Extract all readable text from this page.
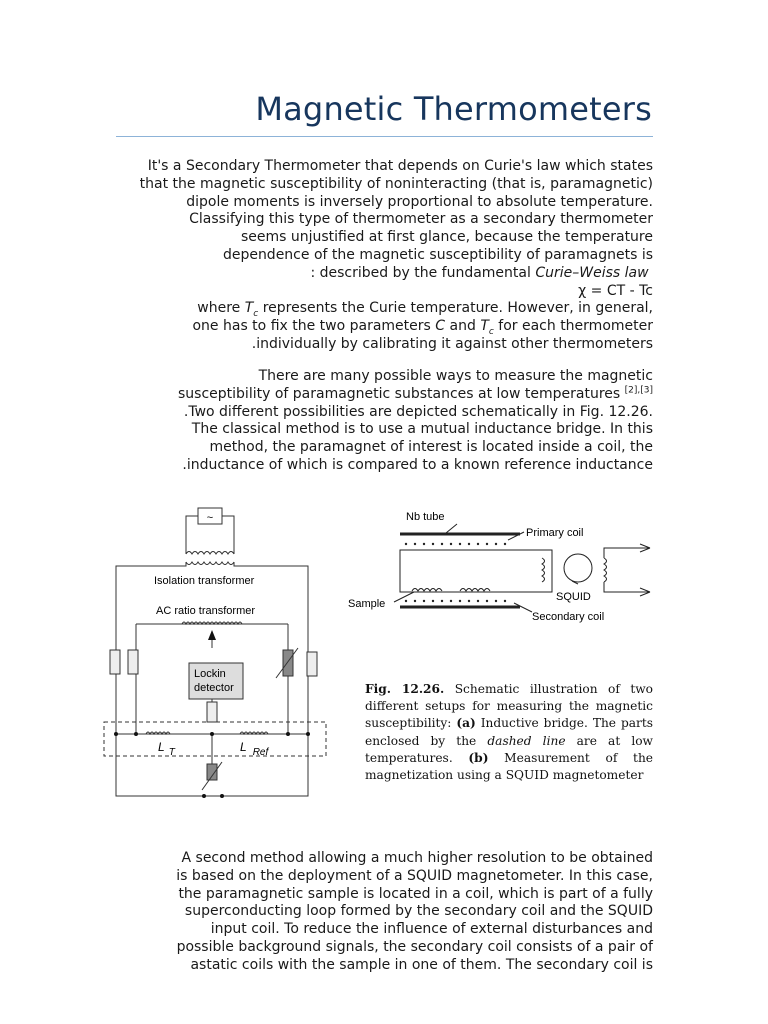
Magnetic Thermometers

It's a Secondary Thermometer that depends on Curie's law which states
that the magnetic susceptibility of noninteracting (that is, paramagnetic)
dipole moments is inversely proportional to absolute temperature.
Classifying this type of thermometer as a secondary thermometer
seems unjustified at first glance, because the temperature
dependence of the magnetic susceptibility of paramagnets is
: described by the fundamental Curie–Weiss law
χ = CT - Tc
where $T_c$ represents the Curie temperature. However, in general,
one has to fix the two parameters C and $T_c$ for each thermometer
.individually by calibrating it against other thermometers

There are many possible ways to measure the magnetic
susceptibility of paramagnetic substances at low temperatures [2],[3]
.Two different possibilities are depicted schematically in Fig. 12.26.
The classical method is to use a mutual inductance bridge. In this
method, the paramagnet of interest is located inside a coil, the
.inductance of which is compared to a known reference inductance

~
Isolation transformer
AC ratio transformer
Lockin
detector
L $_T$	L $_{Ref}$
Nb tube
Primary coil
SQUID
Sample
Secondary coil
Fig. 12.26. Schematic illustration of two different setups for measuring the magnetic susceptibility: (a) Inductive bridge. The parts enclosed by the dashed line are at low temperatures. (b) Measurement of the magnetization using a SQUID magnetometer

A second method allowing a much higher resolution to be obtained
is based on the deployment of a SQUID magnetometer. In this case,
the paramagnetic sample is located in a coil, which is part of a fully
superconducting loop formed by the secondary coil and the SQUID
input coil. To reduce the influence of external disturbances and
possible background signals, the secondary coil consists of a pair of
astatic coils with the sample in one of them. The secondary coil is
